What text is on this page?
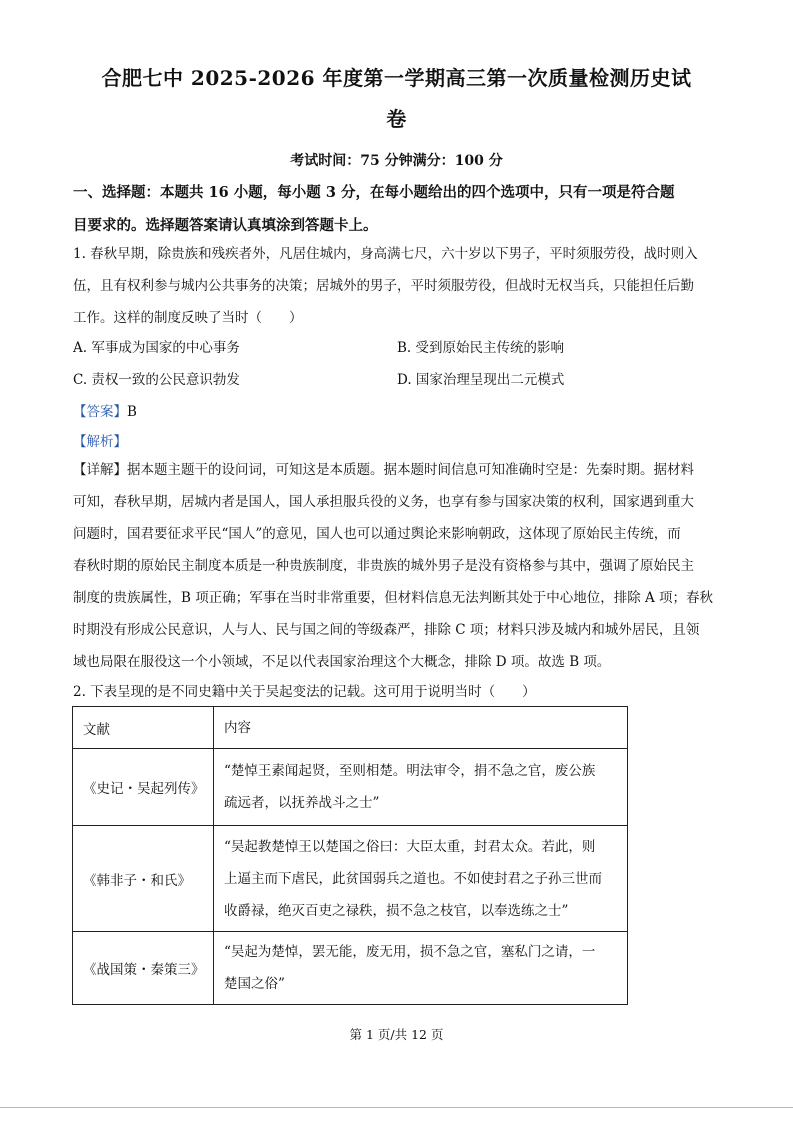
合肥七中 2025-2026 年度第一学期高三第一次质量检测历史试
卷
考试时间：75 分钟满分：100 分
一、选择题：本题共 16 小题，每小题 3 分，在每小题给出的四个选项中，只有一项是符合题
目要求的。选择题答案请认真填涂到答题卡上。
1. 春秋早期，除贵族和残疾者外，凡居住城内，身高满七尺，六十岁以下男子，平时须服劳役，战时则入
伍，且有权利参与城内公共事务的决策；居城外的男子，平时须服劳役，但战时无权当兵，只能担任后勤
工作。这样的制度反映了当时（　　）
A. 军事成为国家的中心事务	B. 受到原始民主传统的影响
C. 责权一致的公民意识勃发	D. 国家治理呈现出二元模式
【答案】B
【解析】
【详解】据本题主题干的设问词，可知这是本质题。据本题时间信息可知准确时空是：先秦时期。据材料
可知，春秋早期，居城内者是国人，国人承担服兵役的义务，也享有参与国家决策的权利，国家遇到重大
问题时，国君要征求平民“国人”的意见，国人也可以通过舆论来影响朝政，这体现了原始民主传统，而
春秋时期的原始民主制度本质是一种贵族制度，非贵族的城外男子是没有资格参与其中，强调了原始民主
制度的贵族属性，B 项正确；军事在当时非常重要，但材料信息无法判断其处于中心地位，排除 A 项；春秋
时期没有形成公民意识，人与人、民与国之间的等级森严，排除 C 项；材料只涉及城内和城外居民，且领
域也局限在服役这一个小领域，不足以代表国家治理这个大概念，排除 D 项。故选 B 项。
2. 下表呈现的是不同史籍中关于吴起变法的记载。这可用于说明当时（　　）
文献	内容
《史记・吴起列传》	“楚悼王素闻起贤，至则相楚。明法审令，捐不急之官，废公族
疏远者，以抚养战斗之士”

《韩非子・和氏》	“吴起教楚悼王以楚国之俗曰：大臣太重，封君太众。若此，则
上逼主而下虐民，此贫国弱兵之道也。不如使封君之子孙三世而
收爵禄，绝灭百吏之禄秩，损不急之枝官，以奉选练之士”

《战国策・秦策三》	“吴起为楚悼，罢无能，废无用，损不急之官，塞私门之请，一
楚国之俗”
第 1 页/共 12 页
